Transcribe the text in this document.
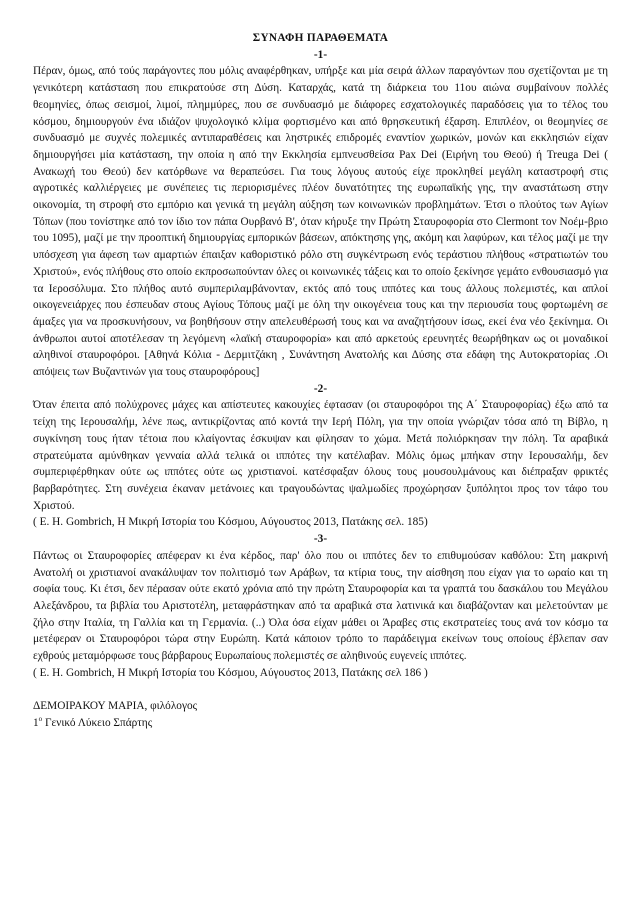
ΣΥΝΑΦΗ ΠΑΡΑΘΕΜΑΤΑ

-1-

Πέραν, όμως, από τούς παράγοντες που μόλις αναφέρθηκαν, υπήρξε και μία σειρά άλλων παραγόντων που σχετίζονται με τη γενικότερη κατάσταση που επικρατούσε στη Δύση. Καταρχάς, κατά τη διάρκεια του 11ου αιώνα συμβαίνουν πολλές θεομηνίες, όπως σεισμοί, λιμοί, πλημμύρες, που σε συνδυασμό με διάφορες εσχατολογικές παραδόσεις για το τέλος του κόσμου, δημιουργούν ένα ιδιάζον ψυχολογικό κλίμα φορτισμένο και από θρησκευτική έξαρση. Επιπλέον, οι θεομηνίες σε συνδυασμό με συχνές πολεμικές αντιπαραθέσεις και ληστρικές επιδρομές εναντίον χωρικών, μονών και εκκλησιών είχαν δημιουργήσει μία κατάσταση, την οποία η από την Εκκλησία εμπνευσθείσα Pax Dei (Ειρήνη του Θεού) ή Treuga Dei ( Ανακωχή του Θεού) δεν κατόρθωνε να θεραπεύσει. Για τους λόγους αυτούς είχε προκληθεί μεγάλη καταστροφή στις αγροτικές καλλιέργειες με συνέπειες τις περιορισμένες πλέον δυνατότητες της ευρωπαϊκής γης, την αναστάτωση στην οικονομία, τη στροφή στο εμπόριο και γενικά τη μεγάλη αύξηση των κοινωνικών προβλημάτων. Έτσι ο πλούτος των Αγίων Τόπων (που τονίστηκε από τον ίδιο τον πάπα Ουρβανό Β', όταν κήρυξε την Πρώτη Σταυροφορία στο Clermont τον Νοέμ-βριο του 1095), μαζί με την προοπτική δημιουργίας εμπορικών βάσεων, απόκτησης γης, ακόμη και λαφύρων, και τέλος μαζί με την υπόσχεση για άφεση των αμαρτιών έπαιξαν καθοριστικό ρόλο στη συγκέντρωση ενός τεράστιου πλήθους «στρατιωτών του Χριστού», ενός πλήθους στο οποίο εκπροσωπούνταν όλες οι κοινωνικές τάξεις και το οποίο ξεκίνησε γεμάτο ενθουσιασμό για τα Ιεροσόλυμα. Στο πλήθος αυτό συμπεριλαμβάνονταν, εκτός από τους ιππότες και τους άλλους πολεμιστές, και απλοί οικογενειάρχες που έσπευδαν στους Αγίους Τόπους μαζί με όλη την οικογένεια τους και την περιουσία τους φορτωμένη σε άμαξες για να προσκυνήσουν, να βοηθήσουν στην απελευθέρωσή τους και να αναζητήσουν ίσως, εκεί ένα νέο ξεκίνημα. Οι άνθρωποι αυτοί αποτέλεσαν τη λεγόμενη «λαϊκή σταυροφορία» και από αρκετούς ερευνητές θεωρήθηκαν ως οι μοναδικοί αληθινοί σταυροφόροι. [Αθηνά Κόλια - Δερμιτζάκη , Συνάντηση Ανατολής και Δύσης στα εδάφη της Αυτοκρατορίας .Οι απόψεις των Βυζαντινών για τους σταυροφόρους]

-2-

Όταν έπειτα από πολύχρονες μάχες και απίστευτες κακουχίες έφτασαν (οι σταυροφόροι της Α΄ Σταυροφορίας) έξω από τα τείχη της Ιερουσαλήμ, λένε πως, αντικρίζοντας από κοντά την Ιερή Πόλη, για την οποία γνώριζαν τόσα από τη Βίβλο, η συγκίνηση τους ήταν τέτοια που κλαίγοντας έσκυψαν και φίλησαν το χώμα. Μετά πολιόρκησαν την πόλη. Τα αραβικά στρατεύματα αμύνθηκαν γενναία αλλά τελικά οι ιππότες την κατέλαβαν. Μόλις όμως μπήκαν στην Ιερουσαλήμ, δεν συμπεριφέρθηκαν ούτε ως ιππότες ούτε ως χριστιανοί. κατέσφαξαν όλους τους μουσουλμάνους και διέπραξαν φρικτές βαρβαρότητες. Στη συνέχεια έκαναν μετάνοιες και τραγουδώντας ψαλμωδίες προχώρησαν ξυπόλητοι προς τον τάφο του Χριστού.

( E. H. Gombrich, Η Μικρή Ιστορία του Κόσμου, Αύγουστος 2013, Πατάκης σελ. 185)

-3-

Πάντως οι Σταυροφορίες απέφεραν κι ένα κέρδος, παρ' όλο που οι ιππότες δεν το επιθυμούσαν καθόλου: Στη μακρινή Ανατολή οι χριστιανοί ανακάλυψαν τον πολιτισμό των Αράβων, τα κτίρια τους, την αίσθηση που είχαν για το ωραίο και τη σοφία τους. Κι έτσι, δεν πέρασαν ούτε εκατό χρόνια από την πρώτη Σταυροφορία και τα γραπτά του δασκάλου του Μεγάλου Αλεξάνδρου, τα βιβλία του Αριστοτέλη, μεταφράστηκαν από τα αραβικά στα λατινικά και διαβάζονταν και μελετούνταν με ζήλο στην Ιταλία, τη Γαλλία και τη Γερμανία. (..) Όλα όσα είχαν μάθει οι Άραβες στις εκστρατείες τους ανά τον κόσμο τα μετέφεραν οι Σταυροφόροι τώρα στην Ευρώπη. Κατά κάποιον τρόπο το παράδειγμα εκείνων τους οποίους έβλεπαν σαν εχθρούς μεταμόρφωσε τους βάρβαρους Ευρωπαίους πολεμιστές σε αληθινούς ευγενείς ιππότες.

( E. H. Gombrich, Η Μικρή Ιστορία του Κόσμου, Αύγουστος 2013, Πατάκης σελ 186 )

ΔΕΜΟΙΡΑΚΟΥ ΜΑΡΙΑ, φιλόλογος

$1^o$ Γενικό Λύκειο Σπάρτης
